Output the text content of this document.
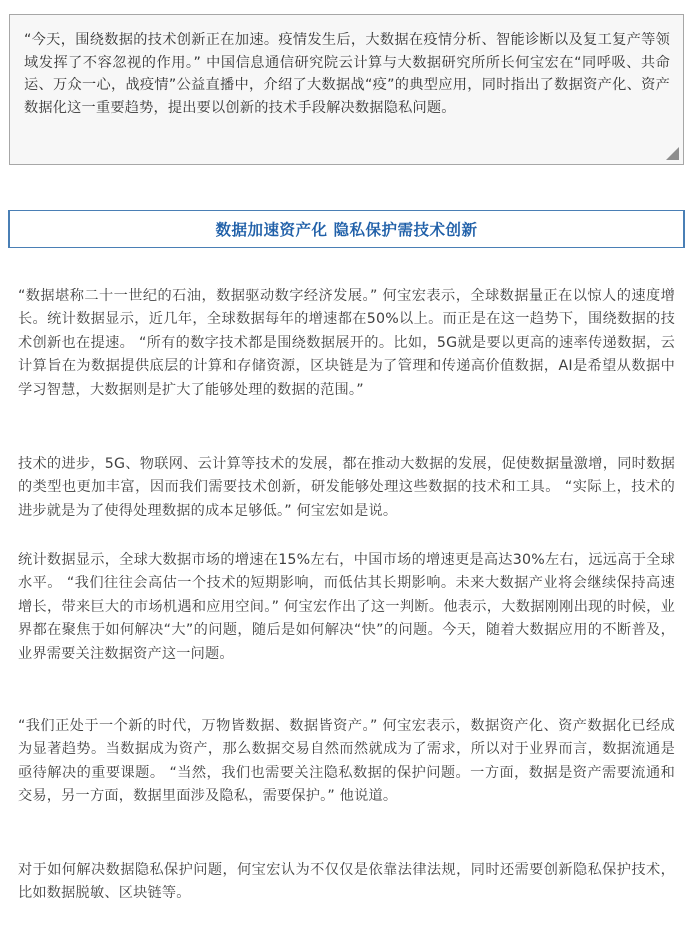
“今天，围绕数据的技术创新正在加速。疫情发生后，大数据在疫情分析、智能诊断以及复工复产等领域发挥了不容忽视的作用。” 中国信息通信研究院云计算与大数据研究所所长何宝宏在“同呼吸、共命运、万众一心，战疫情”公益直播中，介绍了大数据战“疫”的典型应用，同时指出了数据资产化、资产数据化这一重要趋势，提出要以创新的技术手段解决数据隐私问题。

数据加速资产化 隐私保护需技术创新

“数据堪称二十一世纪的石油，数据驱动数字经济发展。” 何宝宏表示，全球数据量正在以惊人的速度增长。统计数据显示，近几年，全球数据每年的增速都在50%以上。而正是在这一趋势下，围绕数据的技术创新也在提速。 “所有的数字技术都是围绕数据展开的。比如，5G就是要以更高的速率传递数据，云计算旨在为数据提供底层的计算和存储资源，区块链是为了管理和传递高价值数据，AI是希望从数据中学习智慧，大数据则是扩大了能够处理的数据的范围。”

技术的进步，5G、物联网、云计算等技术的发展，都在推动大数据的发展，促使数据量激增，同时数据的类型也更加丰富，因而我们需要技术创新，研发能够处理这些数据的技术和工具。 “实际上，技术的进步就是为了使得处理数据的成本足够低。” 何宝宏如是说。

统计数据显示，全球大数据市场的增速在15%左右，中国市场的增速更是高达30%左右，远远高于全球水平。 “我们往往会高估一个技术的短期影响，而低估其长期影响。未来大数据产业将会继续保持高速增长，带来巨大的市场机遇和应用空间。” 何宝宏作出了这一判断。他表示，大数据刚刚出现的时候，业界都在聚焦于如何解决“大”的问题，随后是如何解决“快”的问题。今天，随着大数据应用的不断普及，业界需要关注数据资产这一问题。

“我们正处于一个新的时代，万物皆数据、数据皆资产。” 何宝宏表示，数据资产化、资产数据化已经成为显著趋势。当数据成为资产，那么数据交易自然而然就成为了需求，所以对于业界而言，数据流通是亟待解决的重要课题。 “当然，我们也需要关注隐私数据的保护问题。一方面，数据是资产需要流通和交易，另一方面，数据里面涉及隐私，需要保护。” 他说道。

对于如何解决数据隐私保护问题，何宝宏认为不仅仅是依靠法律法规，同时还需要创新隐私保护技术，比如数据脱敏、区块链等。
